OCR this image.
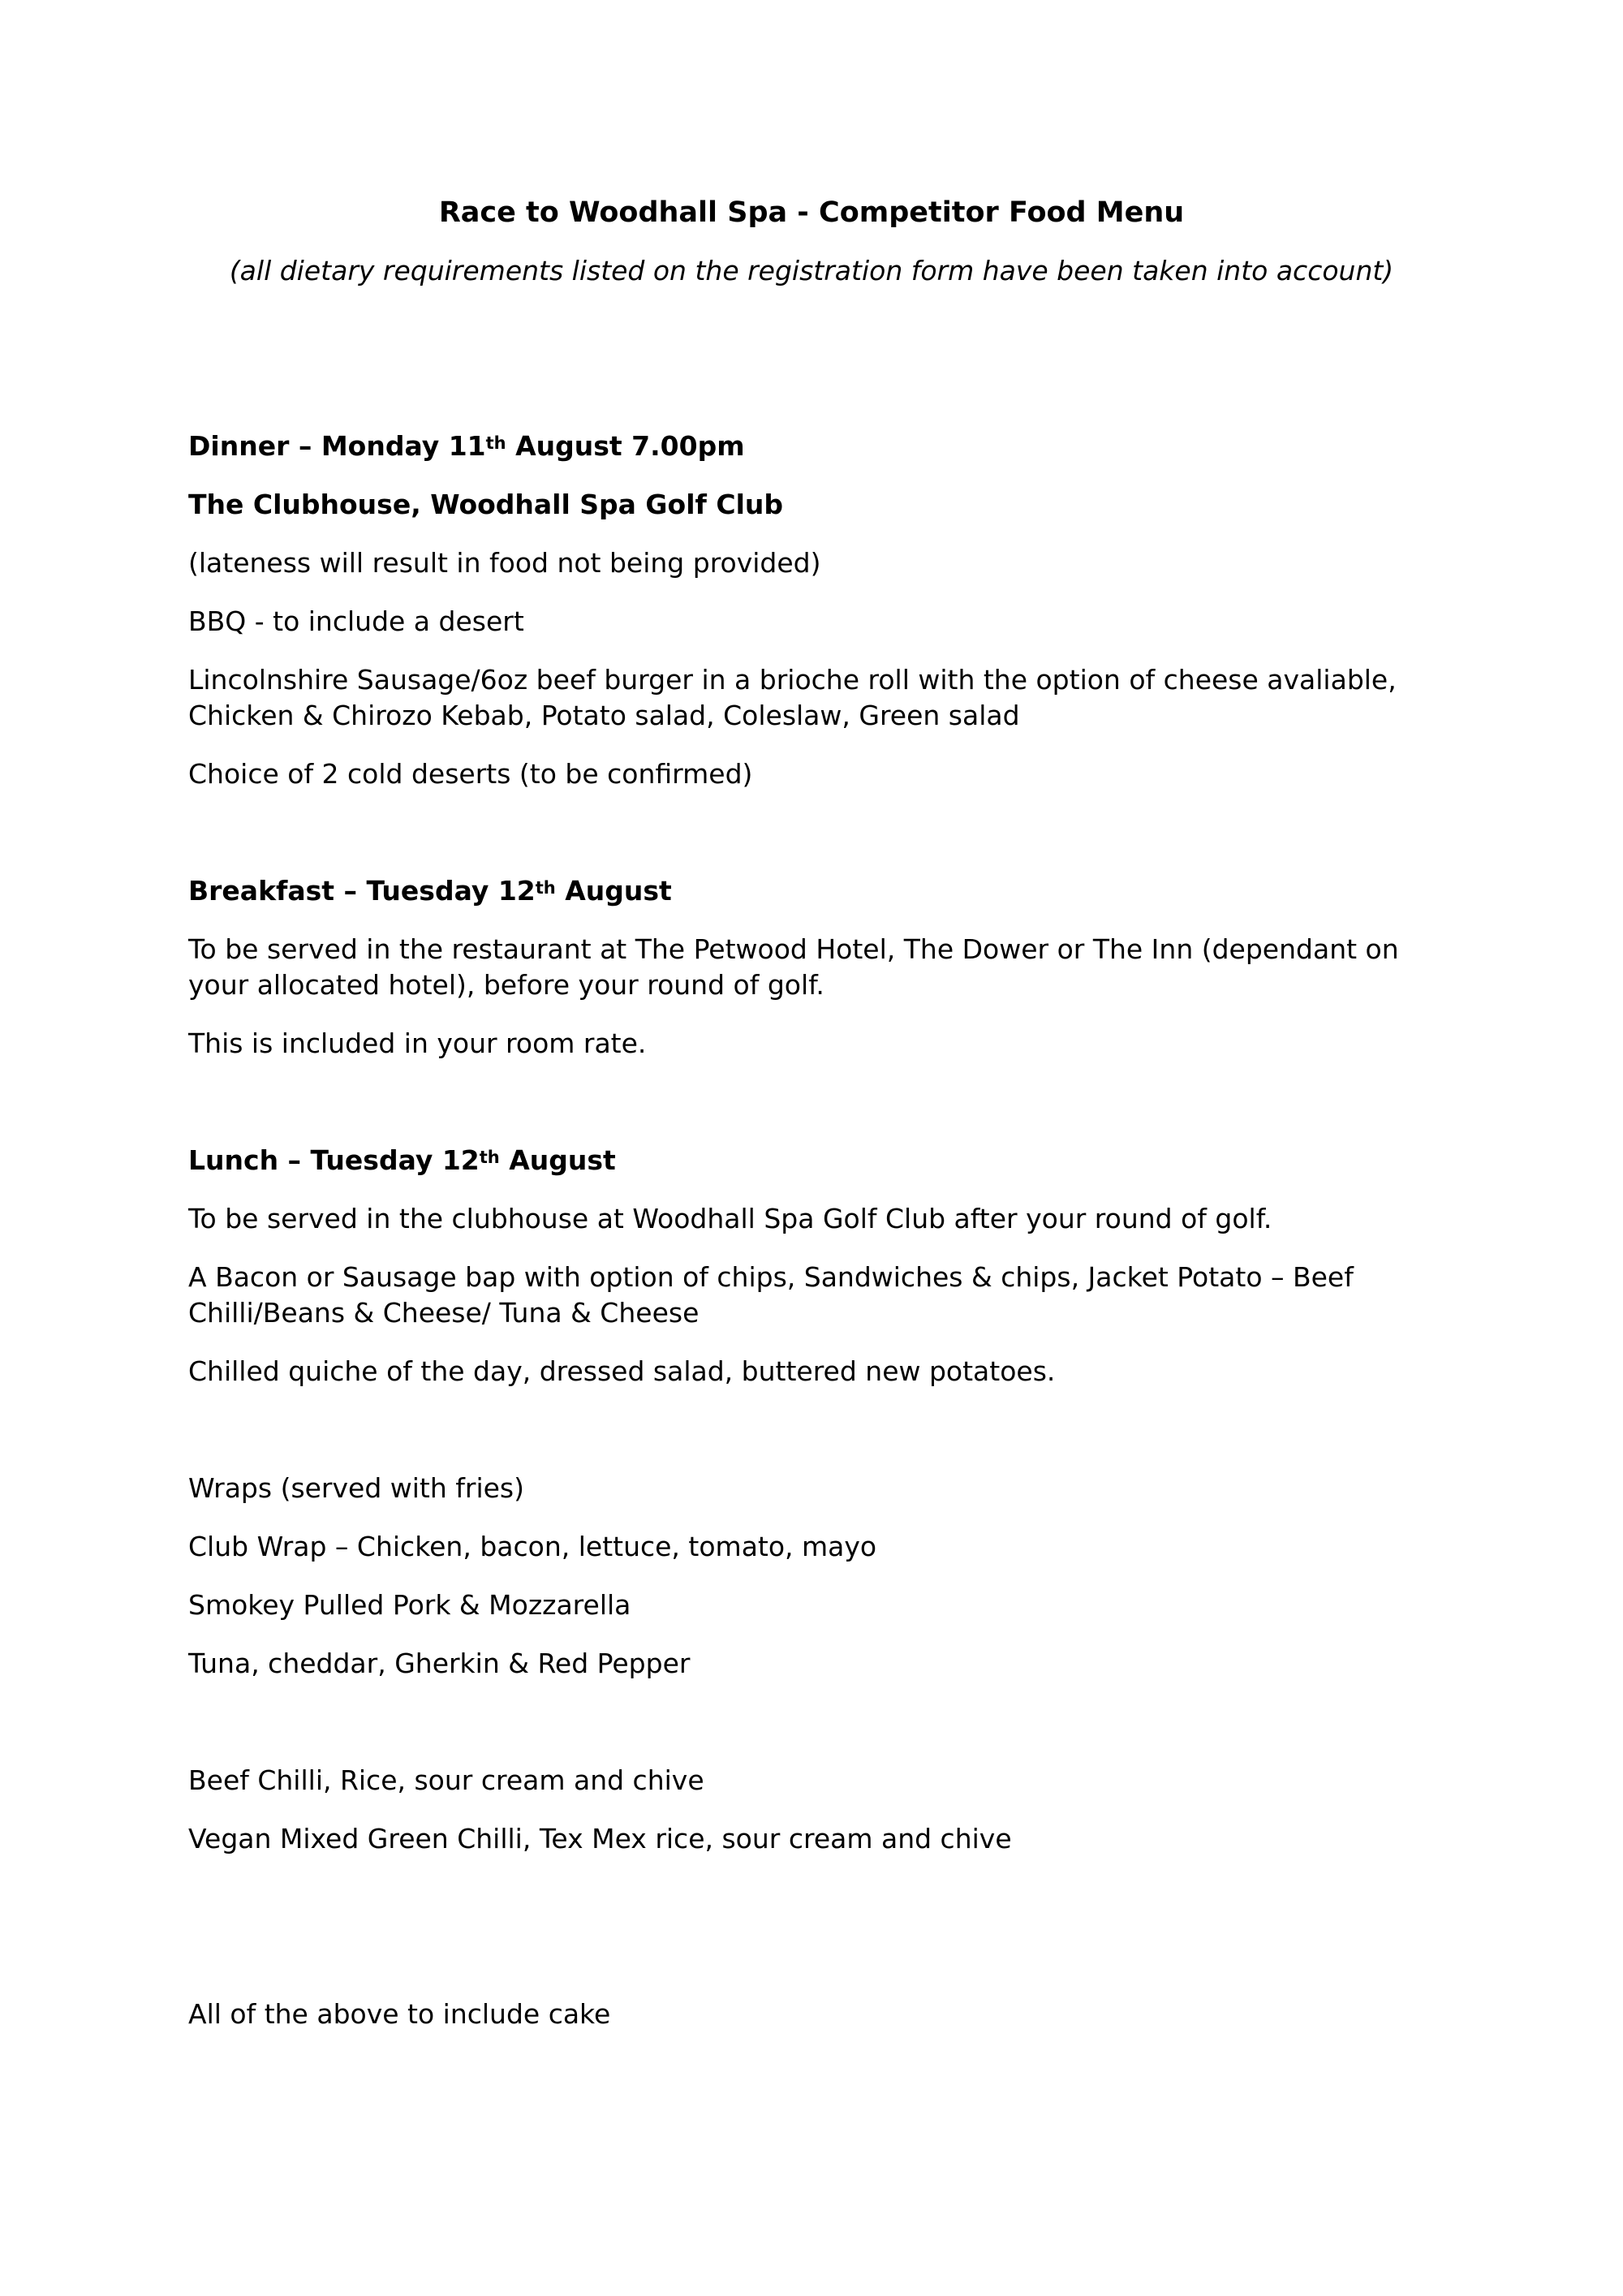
Race to Woodhall Spa - Competitor Food Menu

(all dietary requirements listed on the registration form have been taken into account)

Dinner – Monday 11th August 7.00pm

The Clubhouse, Woodhall Spa Golf Club

(lateness will result in food not being provided)

BBQ - to include a desert

Lincolnshire Sausage/6oz beef burger in a brioche roll with the option of cheese avaliable, Chicken & Chirozo Kebab, Potato salad, Coleslaw, Green salad

Choice of 2 cold deserts (to be confirmed)

Breakfast – Tuesday 12th August

To be served in the restaurant at The Petwood Hotel, The Dower or The Inn (dependant on your allocated hotel), before your round of golf.

This is included in your room rate.

Lunch – Tuesday 12th August

To be served in the clubhouse at Woodhall Spa Golf Club after your round of golf.

A Bacon or Sausage bap with option of chips, Sandwiches & chips, Jacket Potato – Beef Chilli/Beans & Cheese/ Tuna & Cheese

Chilled quiche of the day, dressed salad, buttered new potatoes.

Wraps (served with fries)

Club Wrap – Chicken, bacon, lettuce, tomato, mayo

Smokey Pulled Pork & Mozzarella

Tuna, cheddar, Gherkin & Red Pepper

Beef Chilli, Rice, sour cream and chive

Vegan Mixed Green Chilli, Tex Mex rice, sour cream and chive

All of the above to include cake
